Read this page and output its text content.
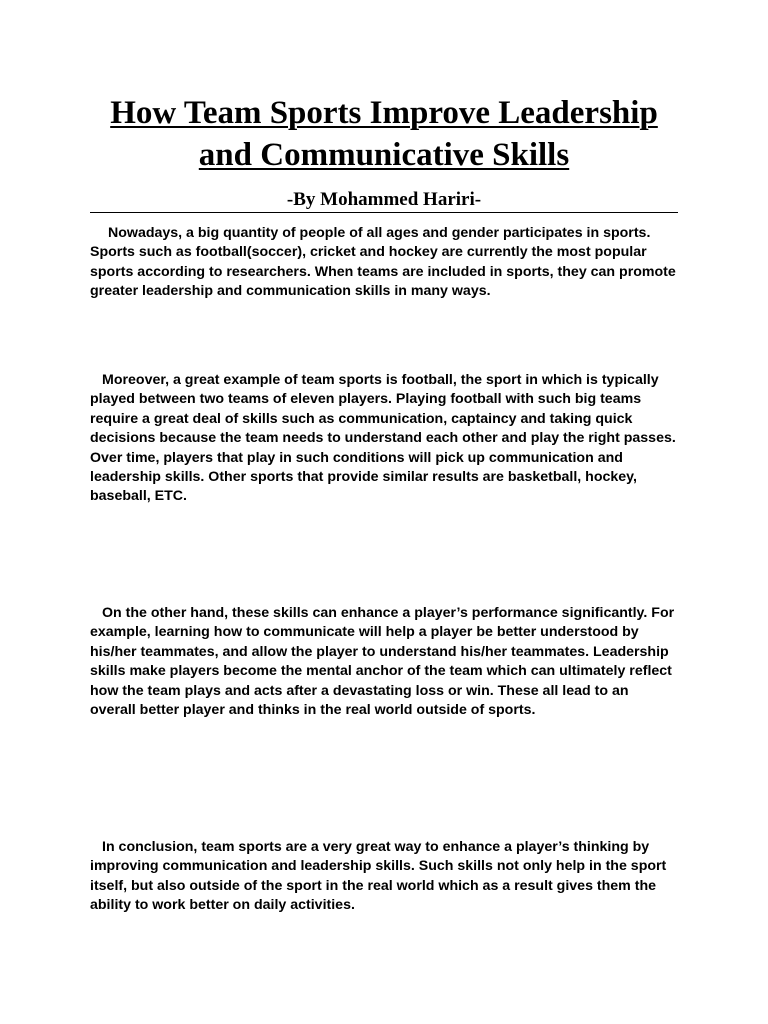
How Team Sports Improve Leadership
and Communicative Skills

-By Mohammed Hariri-

Nowadays, a big quantity of people of all ages and gender participates in sports. Sports such as football(soccer), cricket and hockey are currently the most popular sports according to researchers. When teams are included in sports, they can promote greater leadership and communication skills in many ways.

Moreover, a great example of team sports is football, the sport in which is typically played between two teams of eleven players. Playing football with such big teams require a great deal of skills such as communication, captaincy and taking quick decisions because the team needs to understand each other and play the right passes. Over time, players that play in such conditions will pick up communication and leadership skills. Other sports that provide similar results are basketball, hockey, baseball, ETC.

On the other hand, these skills can enhance a player’s performance significantly. For example, learning how to communicate will help a player be better understood by his/her teammates, and allow the player to understand his/her teammates. Leadership skills make players become the mental anchor of the team which can ultimately reflect how the team plays and acts after a devastating loss or win. These all lead to an overall better player and thinks in the real world outside of sports.

In conclusion, team sports are a very great way to enhance a player’s thinking by improving communication and leadership skills. Such skills not only help in the sport itself, but also outside of the sport in the real world which as a result gives them the ability to work better on daily activities.
